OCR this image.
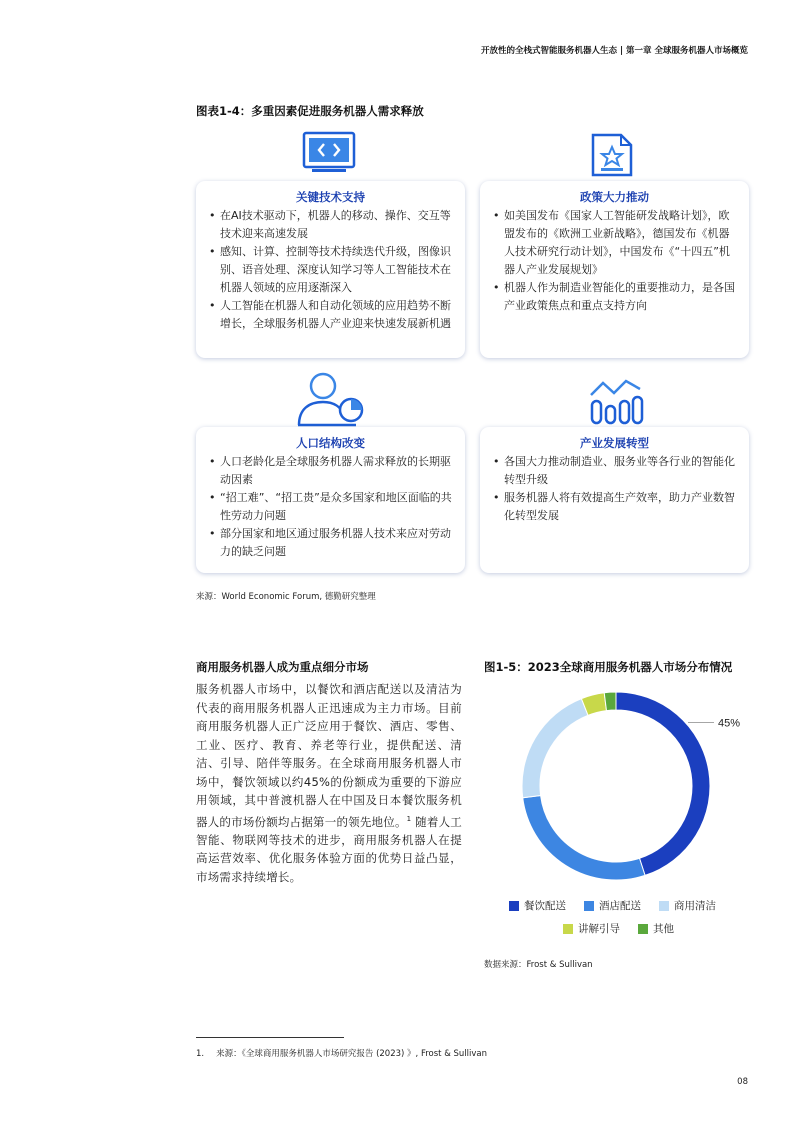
开放性的全栈式智能服务机器人生态 | 第一章 全球服务机器人市场概览
图表1-4：多重因素促进服务机器人需求释放
关键技术支持
• 在AI技术驱动下，机器人的移动、操作、交互等技术迎来高速发展
• 感知、计算、控制等技术持续迭代升级，图像识别、语音处理、深度认知学习等人工智能技术在机器人领域的应用逐渐深入
• 人工智能在机器人和自动化领域的应用趋势不断增长，全球服务机器人产业迎来快速发展新机遇
政策大力推动
• 如美国发布《国家人工智能研发战略计划》，欧盟发布的《欧洲工业新战略》，德国发布《机器人技术研究行动计划》，中国发布《“十四五”机器人产业发展规划》
• 机器人作为制造业智能化的重要推动力，是各国产业政策焦点和重点支持方向
人口结构改变
• 人口老龄化是全球服务机器人需求释放的长期驱动因素
• “招工难”、“招工贵”是众多国家和地区面临的共性劳动力问题
• 部分国家和地区通过服务机器人技术来应对劳动力的缺乏问题
产业发展转型
• 各国大力推动制造业、服务业等各行业的智能化转型升级
• 服务机器人将有效提高生产效率，助力产业数智化转型发展
来源：World Economic Forum, 德勤研究整理
商用服务机器人成为重点细分市场
服务机器人市场中，以餐饮和酒店配送以及清洁为代表的商用服务机器人正迅速成为主力市场。目前商用服务机器人正广泛应用于餐饮、酒店、零售、工业、医疗、教育、养老等行业，提供配送、清洁、引导、陪伴等服务。在全球商用服务机器人市场中，餐饮领域以约45%的份额成为重要的下游应用领域，其中普渡机器人在中国及日本餐饮服务机器人的市场份额均占据第一的领先地位。$^1$ 随着人工智能、物联网等技术的进步，商用服务机器人在提高运营效率、优化服务体验方面的优势日益凸显，市场需求持续增长。
图1-5：2023全球商用服务机器人市场分布情况
45%
餐饮配送	酒店配送	商用清洁
讲解引导	其他
数据来源：Frost & Sullivan
1. 来源：《全球商用服务机器人市场研究报告 (2023) 》, Frost & Sullivan
08
